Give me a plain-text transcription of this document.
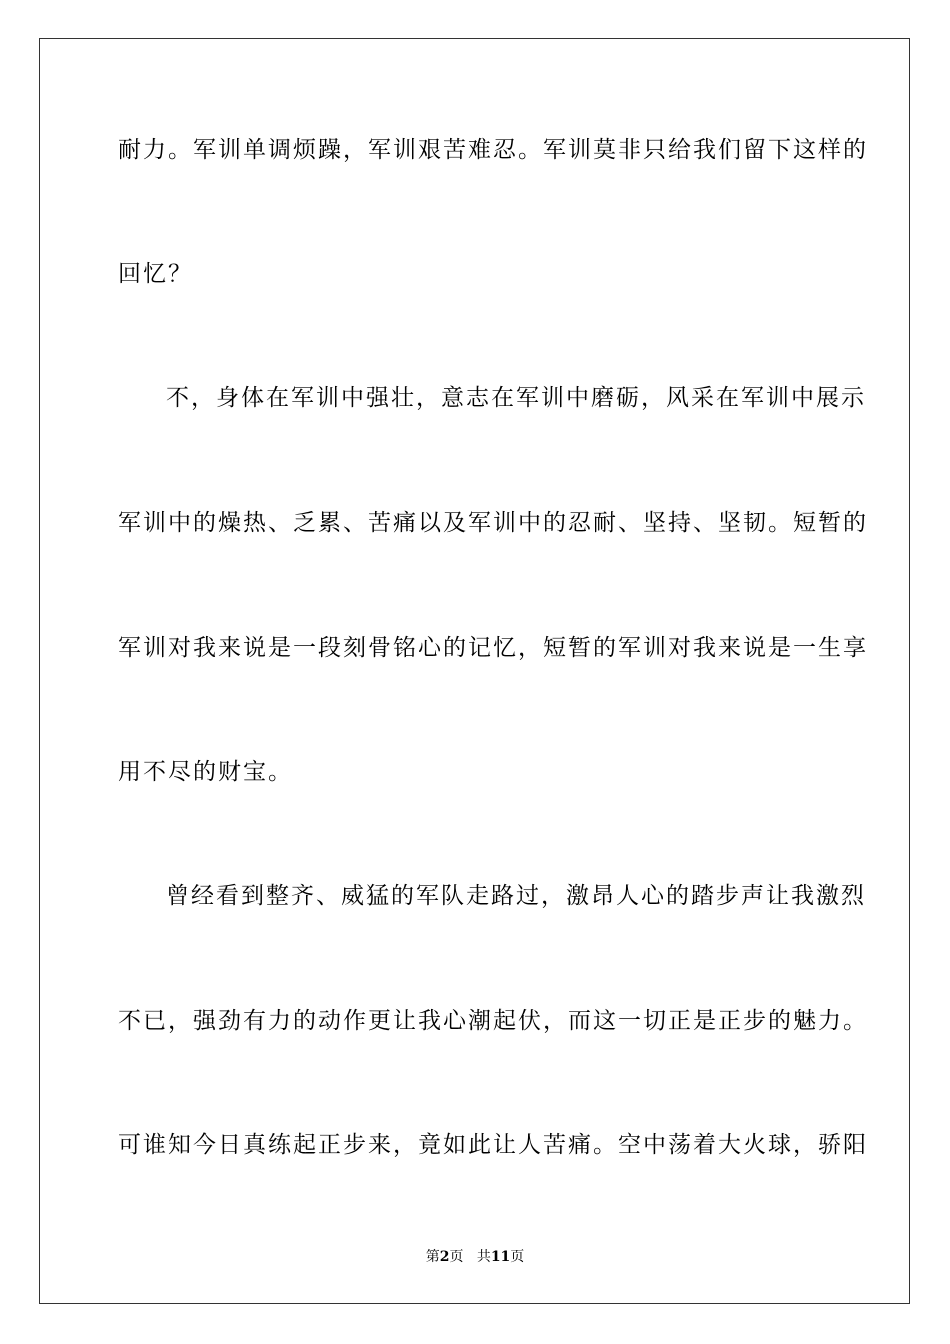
耐力。军训单调烦躁，军训艰苦难忍。军训莫非只给我们留下这样的
回忆？
不，身体在军训中强壮，意志在军训中磨砺，风采在军训中展示
军训中的燥热、乏累、苦痛以及军训中的忍耐、坚持、坚韧。短暂的
军训对我来说是一段刻骨铭心的记忆，短暂的军训对我来说是一生享
用不尽的财宝。
曾经看到整齐、威猛的军队走路过，激昂人心的踏步声让我激烈
不已，强劲有力的动作更让我心潮起伏，而这一切正是正步的魅力。
可谁知今日真练起正步来，竟如此让人苦痛。空中荡着大火球，骄阳
第2页 共11页
